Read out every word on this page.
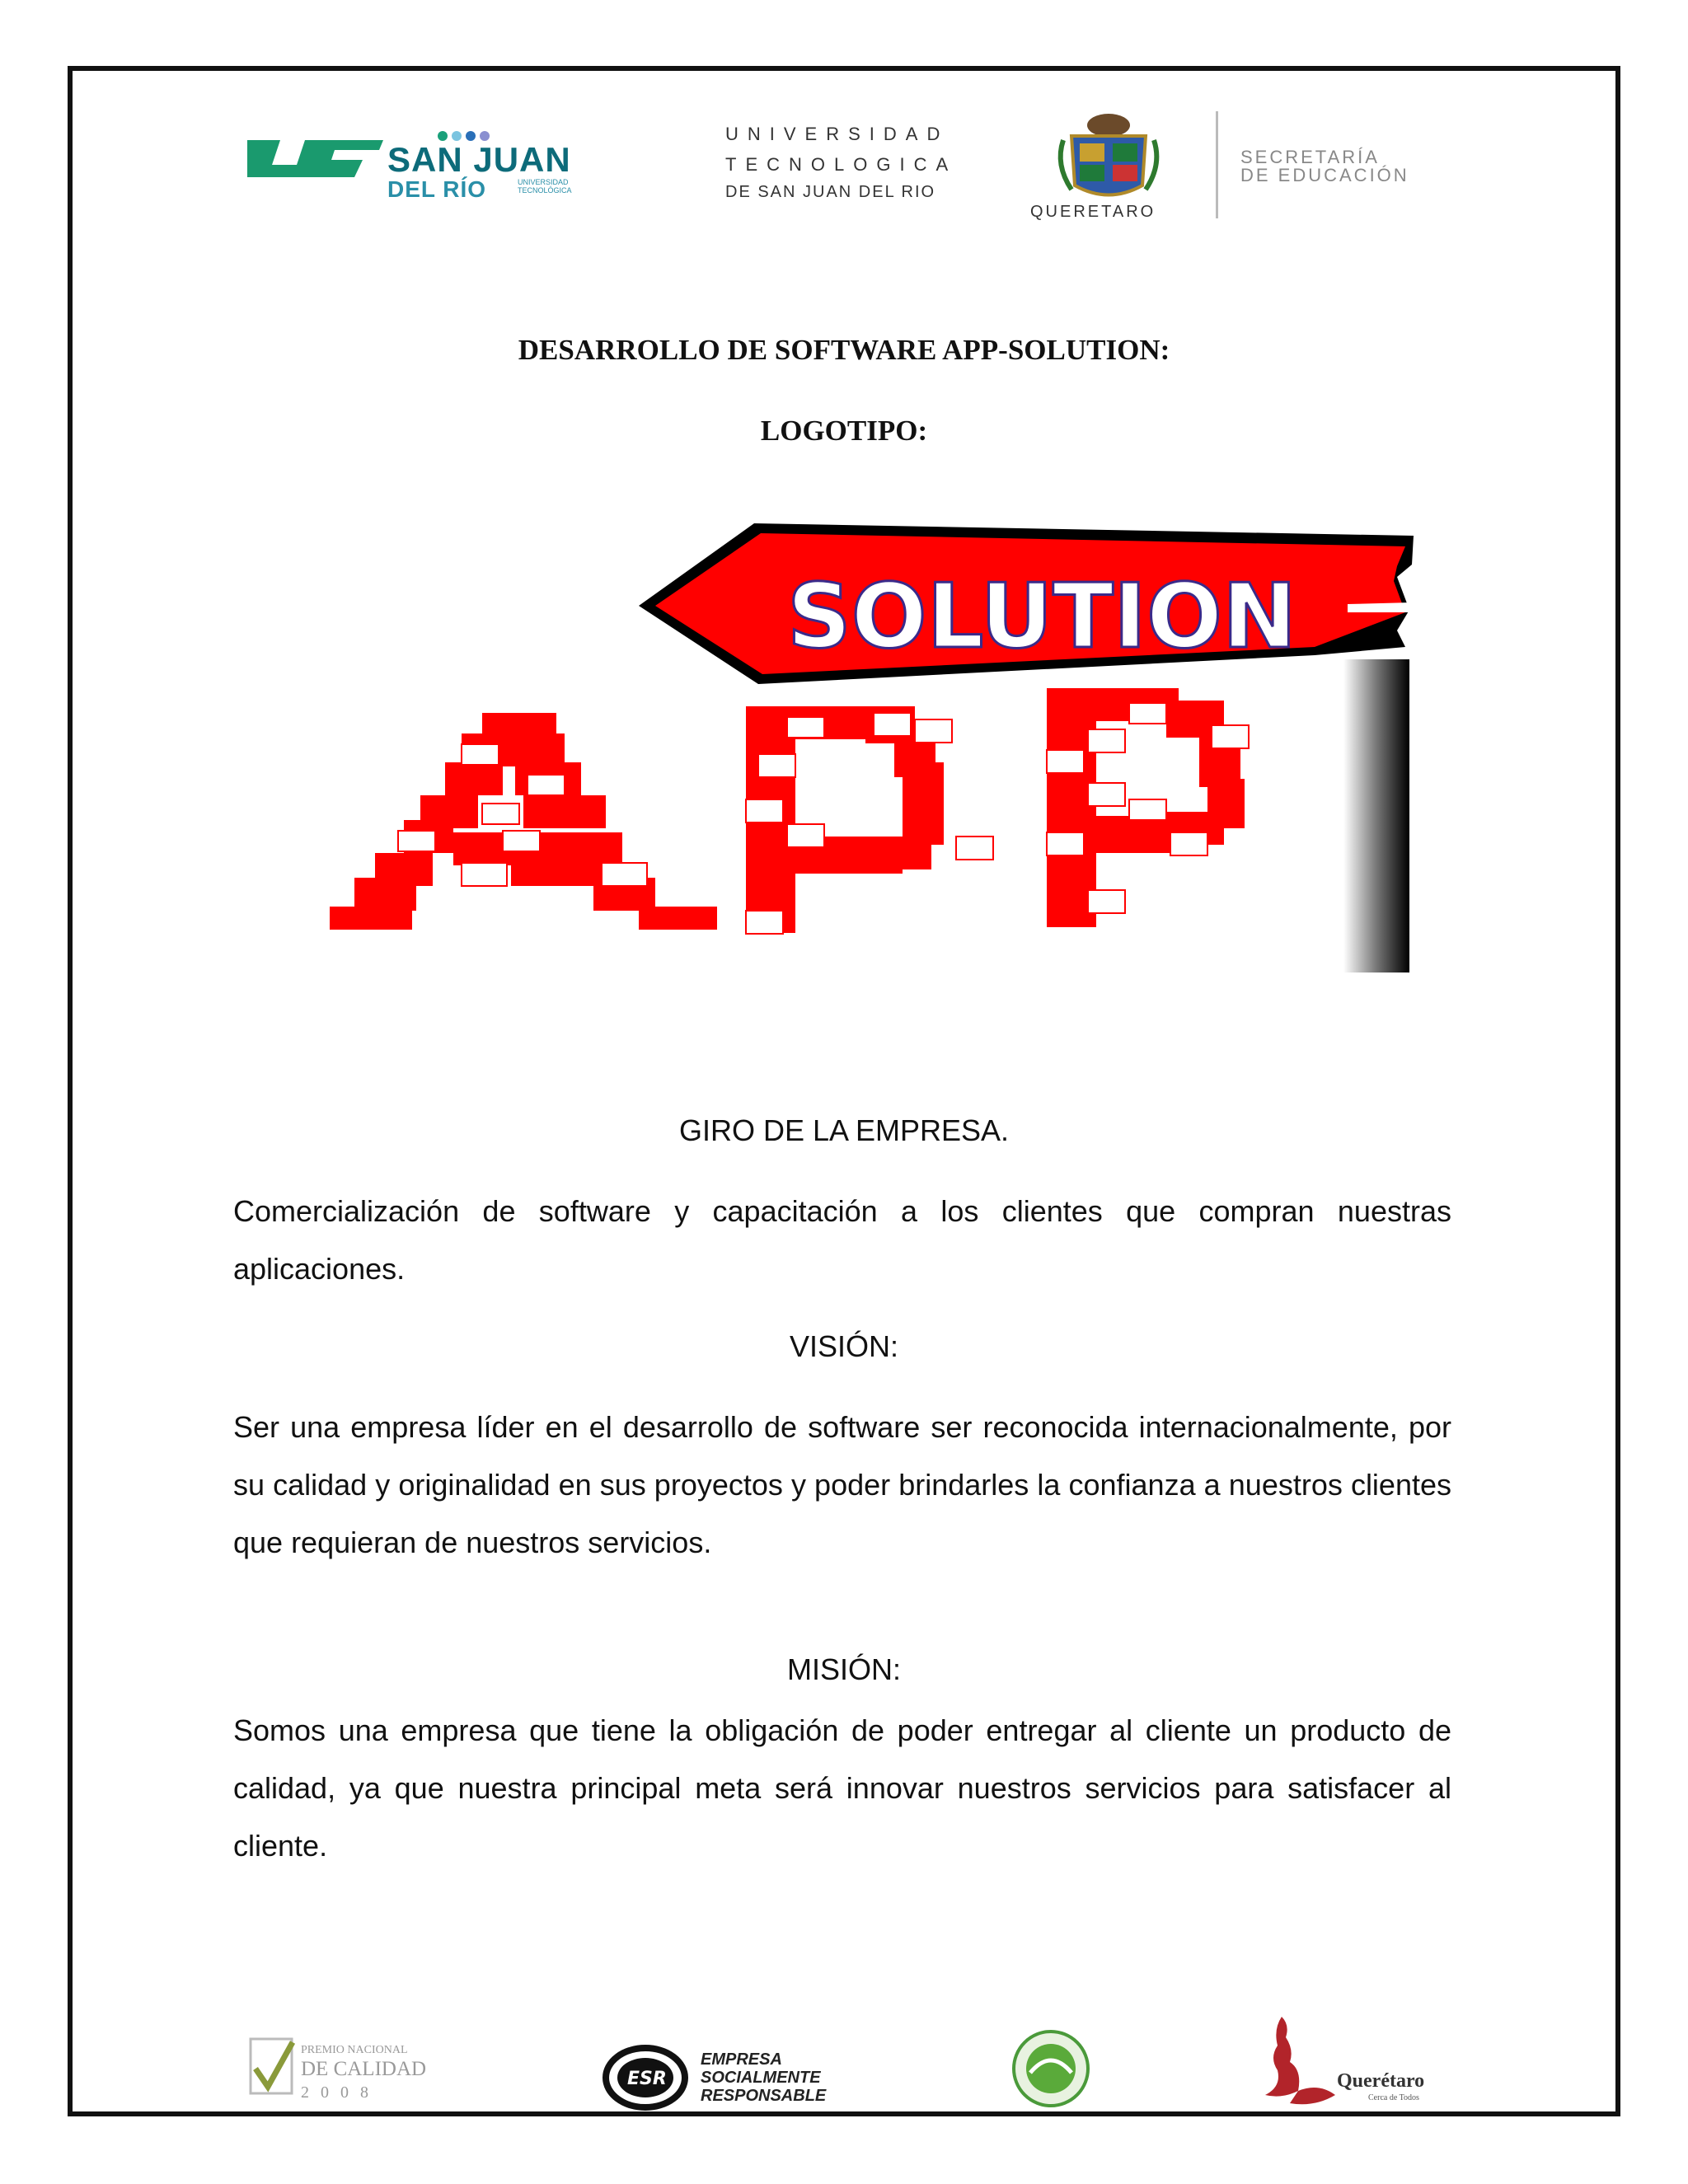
SAN JUAN
DEL RÍO	UNIVERSIDAD TECNOLÓGICA
UNIVERSIDAD
TECNOLOGICA
DE SAN JUAN DEL RIO
QUERETARO
SECRETARÍA
DE EDUCACIÓN
DESARROLLO DE SOFTWARE APP-SOLUTION:
LOGOTIPO:
SOLUTION
GIRO DE LA EMPRESA.
Comercialización de software y capacitación a los clientes que compran nuestras aplicaciones.
VISIÓN:
Ser una empresa líder en el desarrollo de software ser reconocida internacionalmente, por su calidad y originalidad en sus proyectos y poder brindarles la confianza a nuestros clientes que requieran de nuestros servicios.
MISIÓN:
Somos una empresa que tiene la obligación de poder entregar al cliente un producto de calidad, ya que nuestra principal meta será innovar nuestros servicios para satisfacer al cliente.
PREMIO NACIONAL
DE CALIDAD
2008
ESR
EMPRESA
SOCIALMENTE
RESPONSABLE
Querétaro
Cerca de Todos
